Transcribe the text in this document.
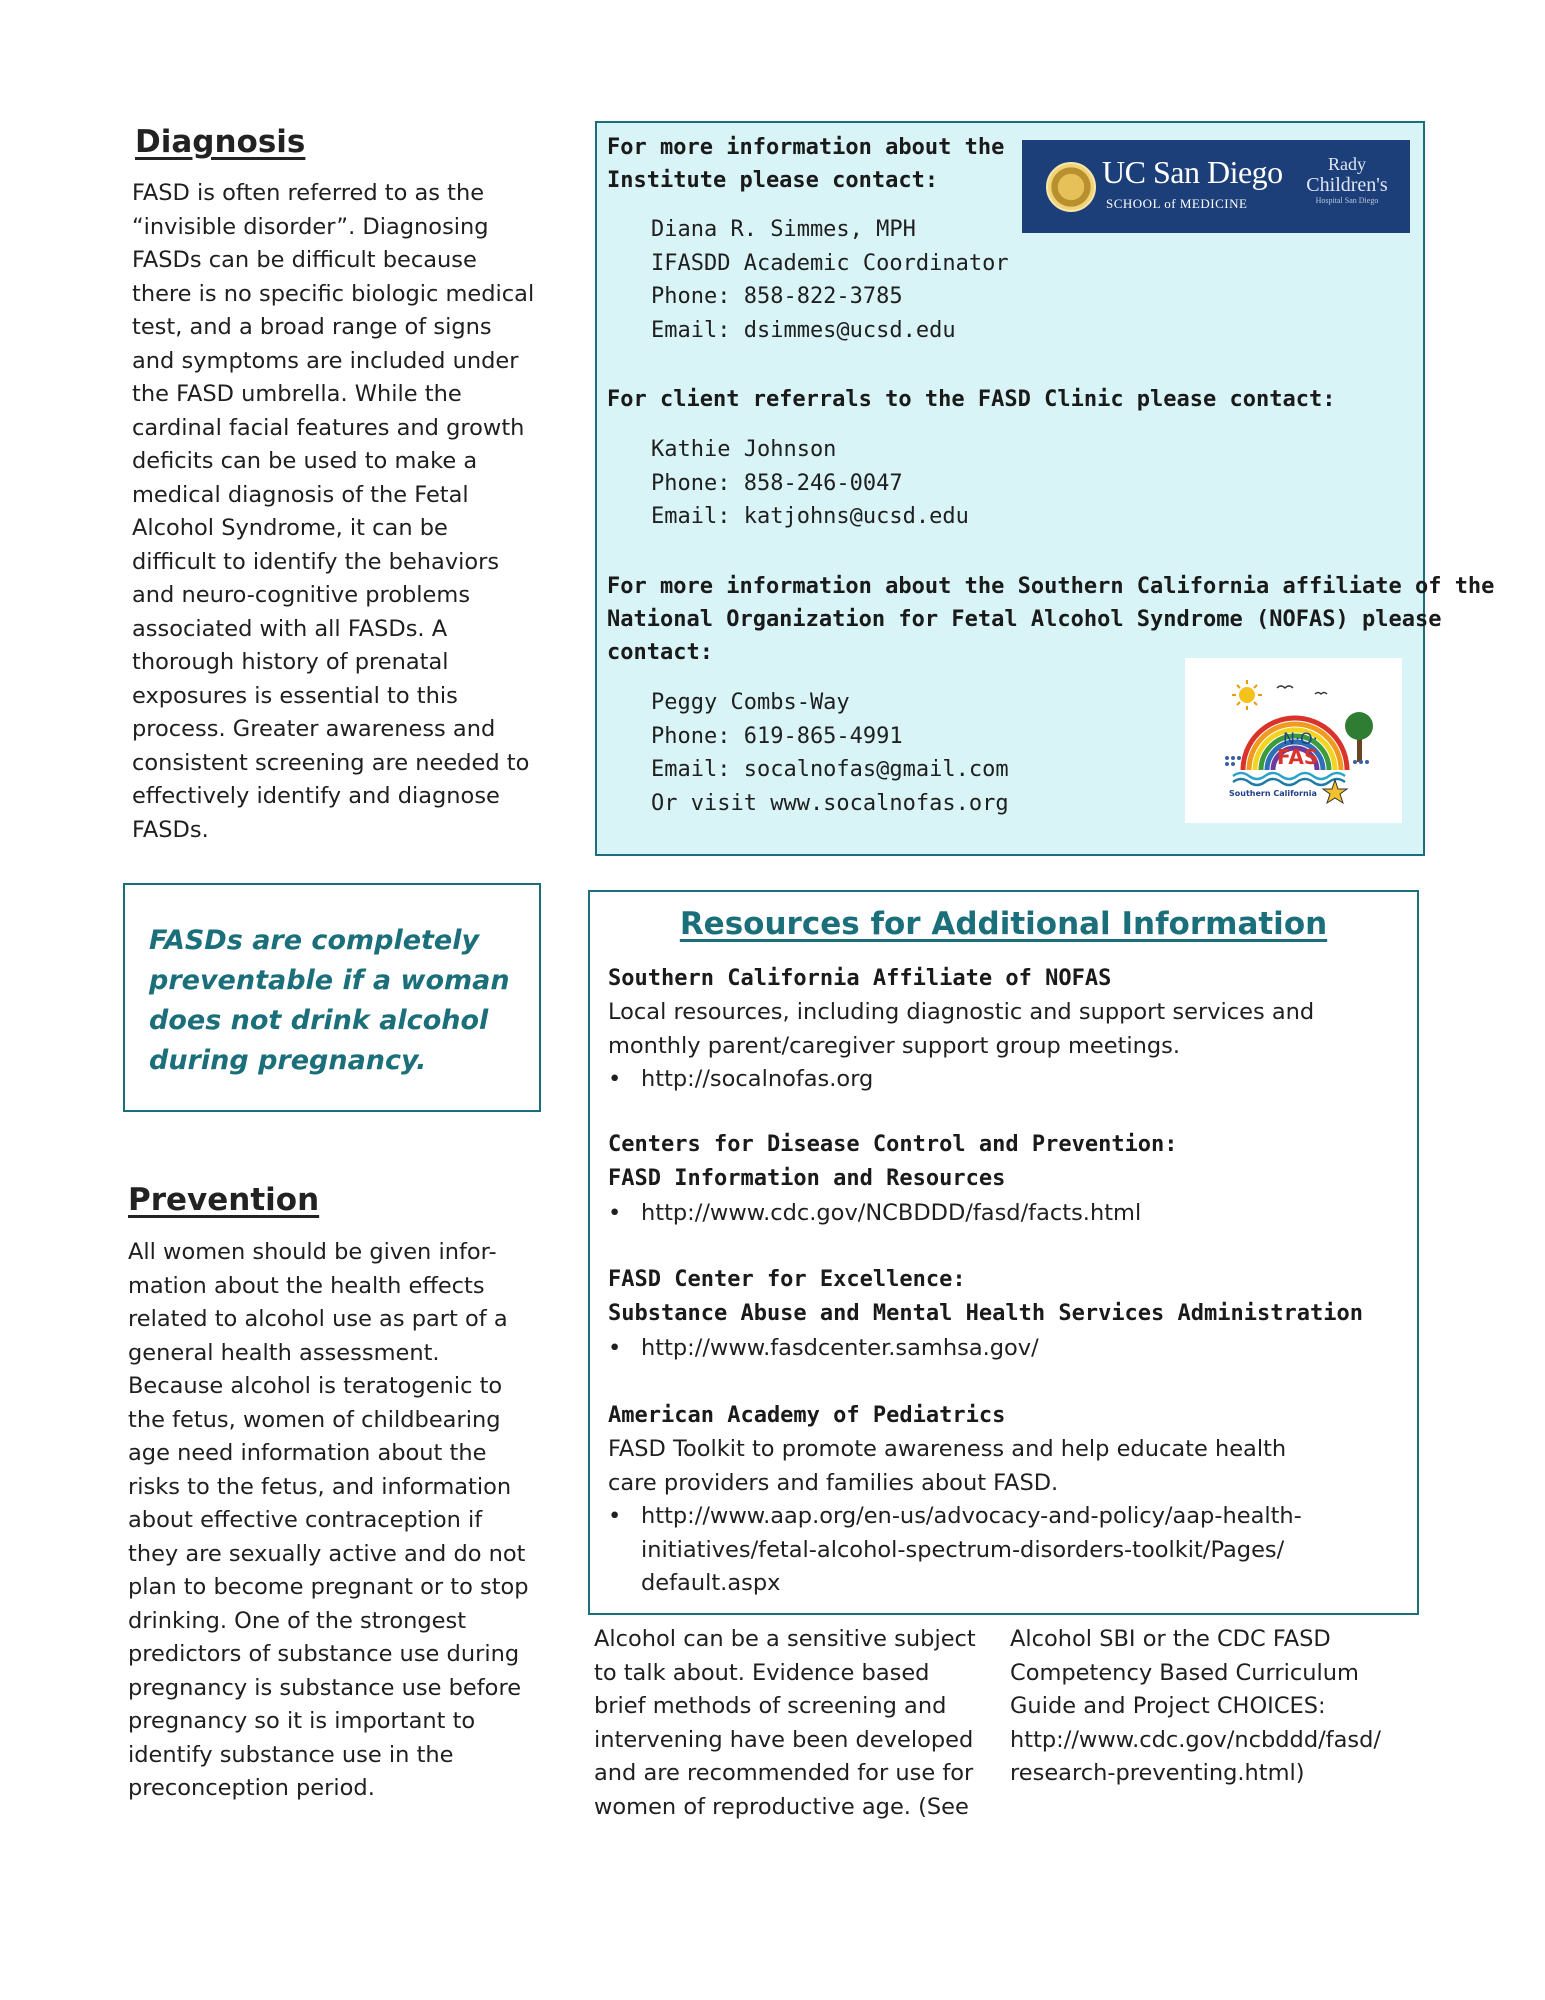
Diagnosis
FASD is often referred to as the
“invisible disorder”. Diagnosing
FASDs can be difficult because
there is no specific biologic medical
test, and a broad range of signs
and symptoms are included under
the FASD umbrella. While the
cardinal facial features and growth
deficits can be used to make a
medical diagnosis of the Fetal
Alcohol Syndrome, it can be
difficult to identify the behaviors
and neuro-cognitive problems
associated with all FASDs. A
thorough history of prenatal
exposures is essential to this
process. Greater awareness and
consistent screening are needed to
effectively identify and diagnose
FASDs.

FASDs are completely preventable if a woman does not drink alcohol during pregnancy.

Prevention
All women should be given infor-
mation about the health effects
related to alcohol use as part of a
general health assessment.
Because alcohol is teratogenic to
the fetus, women of childbearing
age need information about the
risks to the fetus, and information
about effective contraception if
they are sexually active and do not
plan to become pregnant or to stop
drinking. One of the strongest
predictors of substance use during
pregnancy is substance use before
pregnancy so it is important to
identify substance use in the
preconception period.
For more information about the
Institute please contact:
Diana R. Simmes, MPH
IFASDD Academic Coordinator
Phone: 858-822-3785
Email: dsimmes@ucsd.edu
For client referrals to the FASD Clinic please contact:
Kathie Johnson
Phone: 858-246-0047
Email: katjohns@ucsd.edu
For more information about the Southern California affiliate of the
National Organization for Fetal Alcohol Syndrome (NOFAS) please
contact:
Peggy Combs-Way
Phone: 619-865-4991
Email: socalnofas@gmail.com
Or visit www.socalnofas.org
UC San Diego
SCHOOL of MEDICINE
Rady
Children's
Hospital San Diego
N·O·
FAS
Southern California
Resources for Additional Information
Southern California Affiliate of NOFAS
Local resources, including diagnostic and support services and
monthly parent/caregiver support group meetings.
• http://socalnofas.org
Centers for Disease Control and Prevention:
FASD Information and Resources
• http://www.cdc.gov/NCBDDD/fasd/facts.html
FASD Center for Excellence:
Substance Abuse and Mental Health Services Administration
• http://www.fasdcenter.samhsa.gov/
American Academy of Pediatrics
FASD Toolkit to promote awareness and help educate health
care providers and families about FASD.
• http://www.aap.org/en-us/advocacy-and-policy/aap-health-
initiatives/fetal-alcohol-spectrum-disorders-toolkit/Pages/
default.aspx
Alcohol can be a sensitive subject
to talk about. Evidence based
brief methods of screening and
intervening have been developed
and are recommended for use for
women of reproductive age. (See
Alcohol SBI or the CDC FASD
Competency Based Curriculum
Guide and Project CHOICES:
http://www.cdc.gov/ncbddd/fasd/
research-preventing.html)
